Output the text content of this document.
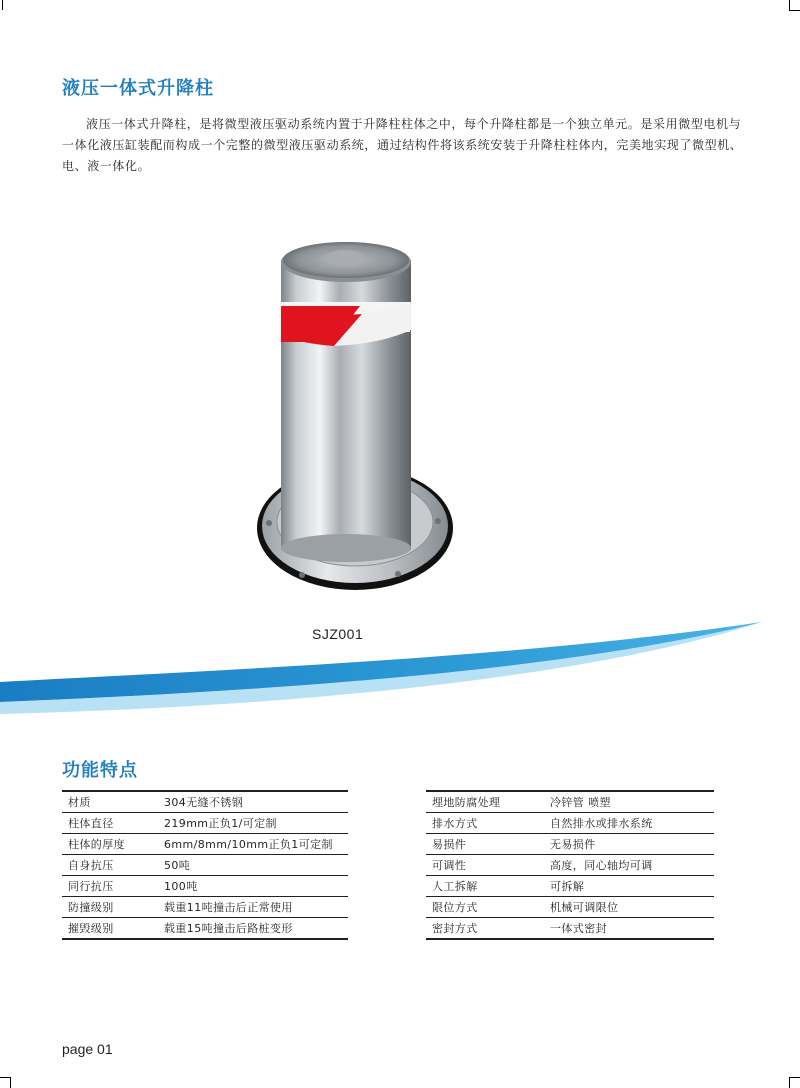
液压一体式升降柱
液压一体式升降柱，是将微型液压驱动系统内置于升降柱柱体之中，每个升降柱都是一个独立单元。是采用微型电机与一体化液压缸装配而构成一个完整的微型液压驱动系统，通过结构件将该系统安装于升降柱柱体内，完美地实现了微型机、电、液一体化。
SJZ001
功能特点
材质	304无缝不锈钢
柱体直径	219mm正负1/可定制
柱体的厚度	6mm/8mm/10mm正负1可定制
自身抗压	50吨
同行抗压	100吨
防撞级别	载重11吨撞击后正常使用
摧毁级别	载重15吨撞击后路桩变形
埋地防腐处理	冷锌管 喷塑
排水方式	自然排水或排水系统
易损件	无易损件
可调性	高度，同心轴均可调
人工拆解	可拆解
限位方式	机械可调限位
密封方式	一体式密封
page 01
